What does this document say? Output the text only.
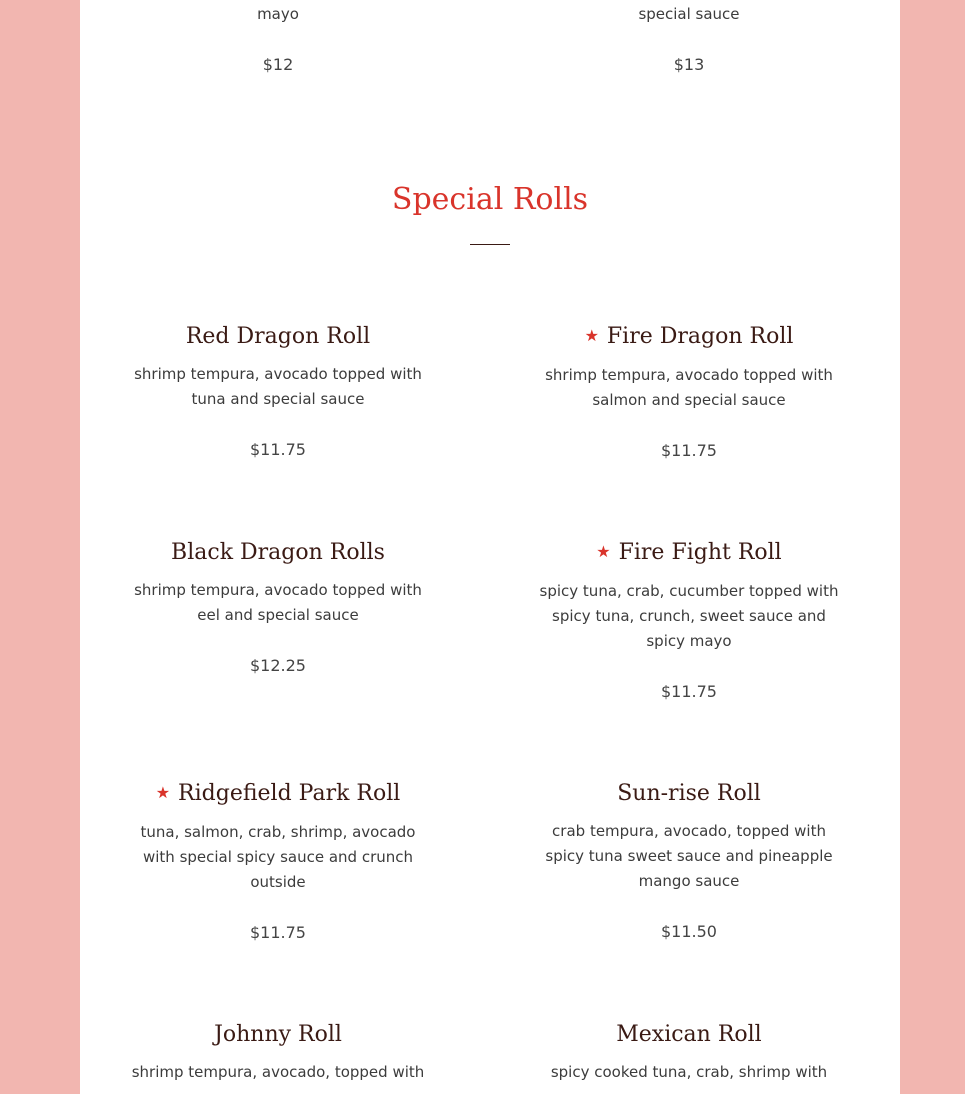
mayo

$12

special sauce

$13

Special Rolls
Red Dragon Roll

shrimp tempura, avocado topped with tuna and special sauce

$11.75

★ Fire Dragon Roll

shrimp tempura, avocado topped with salmon and special sauce

$11.75

Black Dragon Rolls

shrimp tempura, avocado topped with eel and special sauce

$12.25

★ Fire Fight Roll

spicy tuna, crab, cucumber topped with spicy tuna, crunch, sweet sauce and spicy mayo

$11.75

★ Ridgefield Park Roll

tuna, salmon, crab, shrimp, avocado with special spicy sauce and crunch outside

$11.75

Sun-rise Roll

crab tempura, avocado, topped with spicy tuna sweet sauce and pineapple mango sauce

$11.50

Johnny Roll

shrimp tempura, avocado, topped with

Mexican Roll

spicy cooked tuna, crab, shrimp with
